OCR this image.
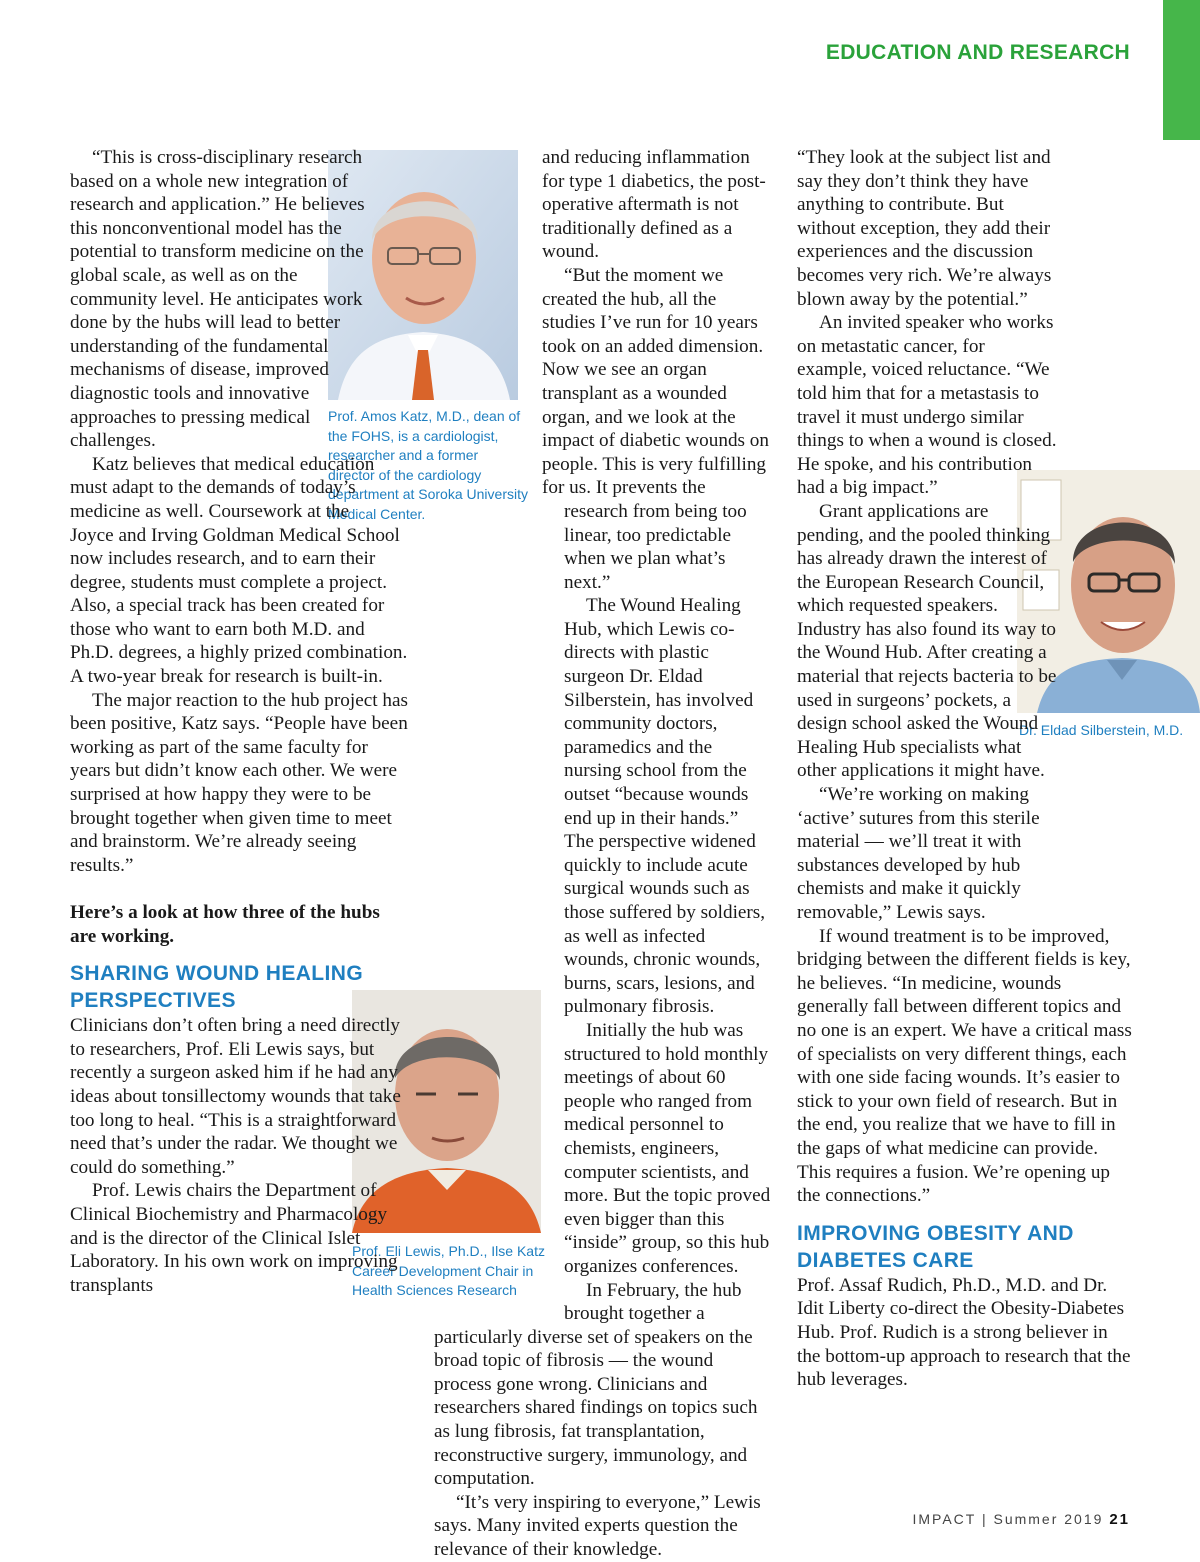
EDUCATION AND RESEARCH
Prof. Amos Katz, M.D., dean of the FOHS, is a cardiologist, researcher and a former director of the cardiology department at Soroka University Medical Center.
Prof. Eli Lewis, Ph.D., Ilse Katz Career Development Chair in Health Sciences Research
Dr. Eldad Silberstein, M.D.

“This is cross-disciplinary research based on a whole new integration of research and application.” He believes this nonconventional model has the potential to transform medicine on the global scale, as well as on the community level. He anticipates work done by the hubs will lead to better understanding of the fundamental mechanisms of disease, improved diagnostic tools and innovative approaches to pressing medical challenges.

Katz believes that medical education must adapt to the demands of today’s medicine as well. Coursework at the Joyce and Irving Goldman Medical School now includes research, and to earn their degree, students must complete a project. Also, a special track has been created for those who want to earn both M.D. and Ph.D. degrees, a highly prized combination. A two-year break for research is built-in.

The major reaction to the hub project has been positive, Katz says. “People have been working as part of the same faculty for years but didn’t know each other. We were surprised at how happy they were to be brought together when given time to meet and brainstorm. We’re already seeing results.”

Here’s a look at how three of the hubs are working.

SHARING WOUND HEALING PERSPECTIVES

Clinicians don’t often bring a need directly to researchers, Prof. Eli Lewis says, but recently a surgeon asked him if he had any ideas about tonsillectomy wounds that take too long to heal. “This is a straightforward need that’s under the radar. We thought we could do something.”

Prof. Lewis chairs the Department of Clinical Biochemistry and Pharmacology and is the director of the Clinical Islet Laboratory. In his own work on improving transplants

and reducing inflammation for type 1 diabetics, the post-operative aftermath is not traditionally defined as a wound.

“But the moment we created the hub, all the studies I’ve run for 10 years took on an added dimension. Now we see an organ transplant as a wounded organ, and we look at the impact of diabetic wounds on people. This is very fulfilling for us. It prevents the research from being too linear, too predictable when we plan what’s next.”

The Wound Healing Hub, which Lewis co-directs with plastic surgeon Dr. Eldad Silberstein, has involved community doctors, paramedics and the nursing school from the outset “because wounds end up in their hands.” The perspective widened quickly to include acute surgical wounds such as those suffered by soldiers, as well as infected wounds, chronic wounds, burns, scars, lesions, and pulmonary fibrosis.

Initially the hub was structured to hold monthly meetings of about 60 people who ranged from medical personnel to chemists, engineers, computer scientists, and more. But the topic proved even bigger than this “inside” group, so this hub organizes conferences.

In February, the hub brought together a particularly diverse set of speakers on the broad topic of fibrosis — the wound process gone wrong. Clinicians and researchers shared findings on topics such as lung fibrosis, fat transplantation, reconstructive surgery, immunology, and computation.

“It’s very inspiring to everyone,” Lewis says. Many invited experts question the relevance of their knowledge.

“They look at the subject list and say they don’t think they have anything to contribute. But without exception, they add their experiences and the discussion becomes very rich. We’re always blown away by the potential.”

An invited speaker who works on metastatic cancer, for example, voiced reluctance. “We told him that for a metastasis to travel it must undergo similar things to when a wound is closed. He spoke, and his contribution had a big impact.”

Grant applications are pending, and the pooled thinking has already drawn the interest of the European Research Council, which requested speakers. Industry has also found its way to the Wound Hub. After creating a material that rejects bacteria to be used in surgeons’ pockets, a design school asked the Wound Healing Hub specialists what other applications it might have.

“We’re working on making ‘active’ sutures from this sterile material — we’ll treat it with substances developed by hub chemists and make it quickly removable,” Lewis says.

If wound treatment is to be improved, bridging between the different fields is key, he believes. “In medicine, wounds generally fall between different topics and no one is an expert. We have a critical mass of specialists on very different things, each with one side facing wounds. It’s easier to stick to your own field of research. But in the end, you realize that we have to fill in the gaps of what medicine can provide. This requires a fusion. We’re opening up the connections.”

IMPROVING OBESITY AND DIABETES CARE

Prof. Assaf Rudich, Ph.D., M.D. and Dr. Idit Liberty co-direct the Obesity-Diabetes Hub. Prof. Rudich is a strong believer in the bottom-up approach to research that the hub leverages.

IMPACT | Summer 2019 21
